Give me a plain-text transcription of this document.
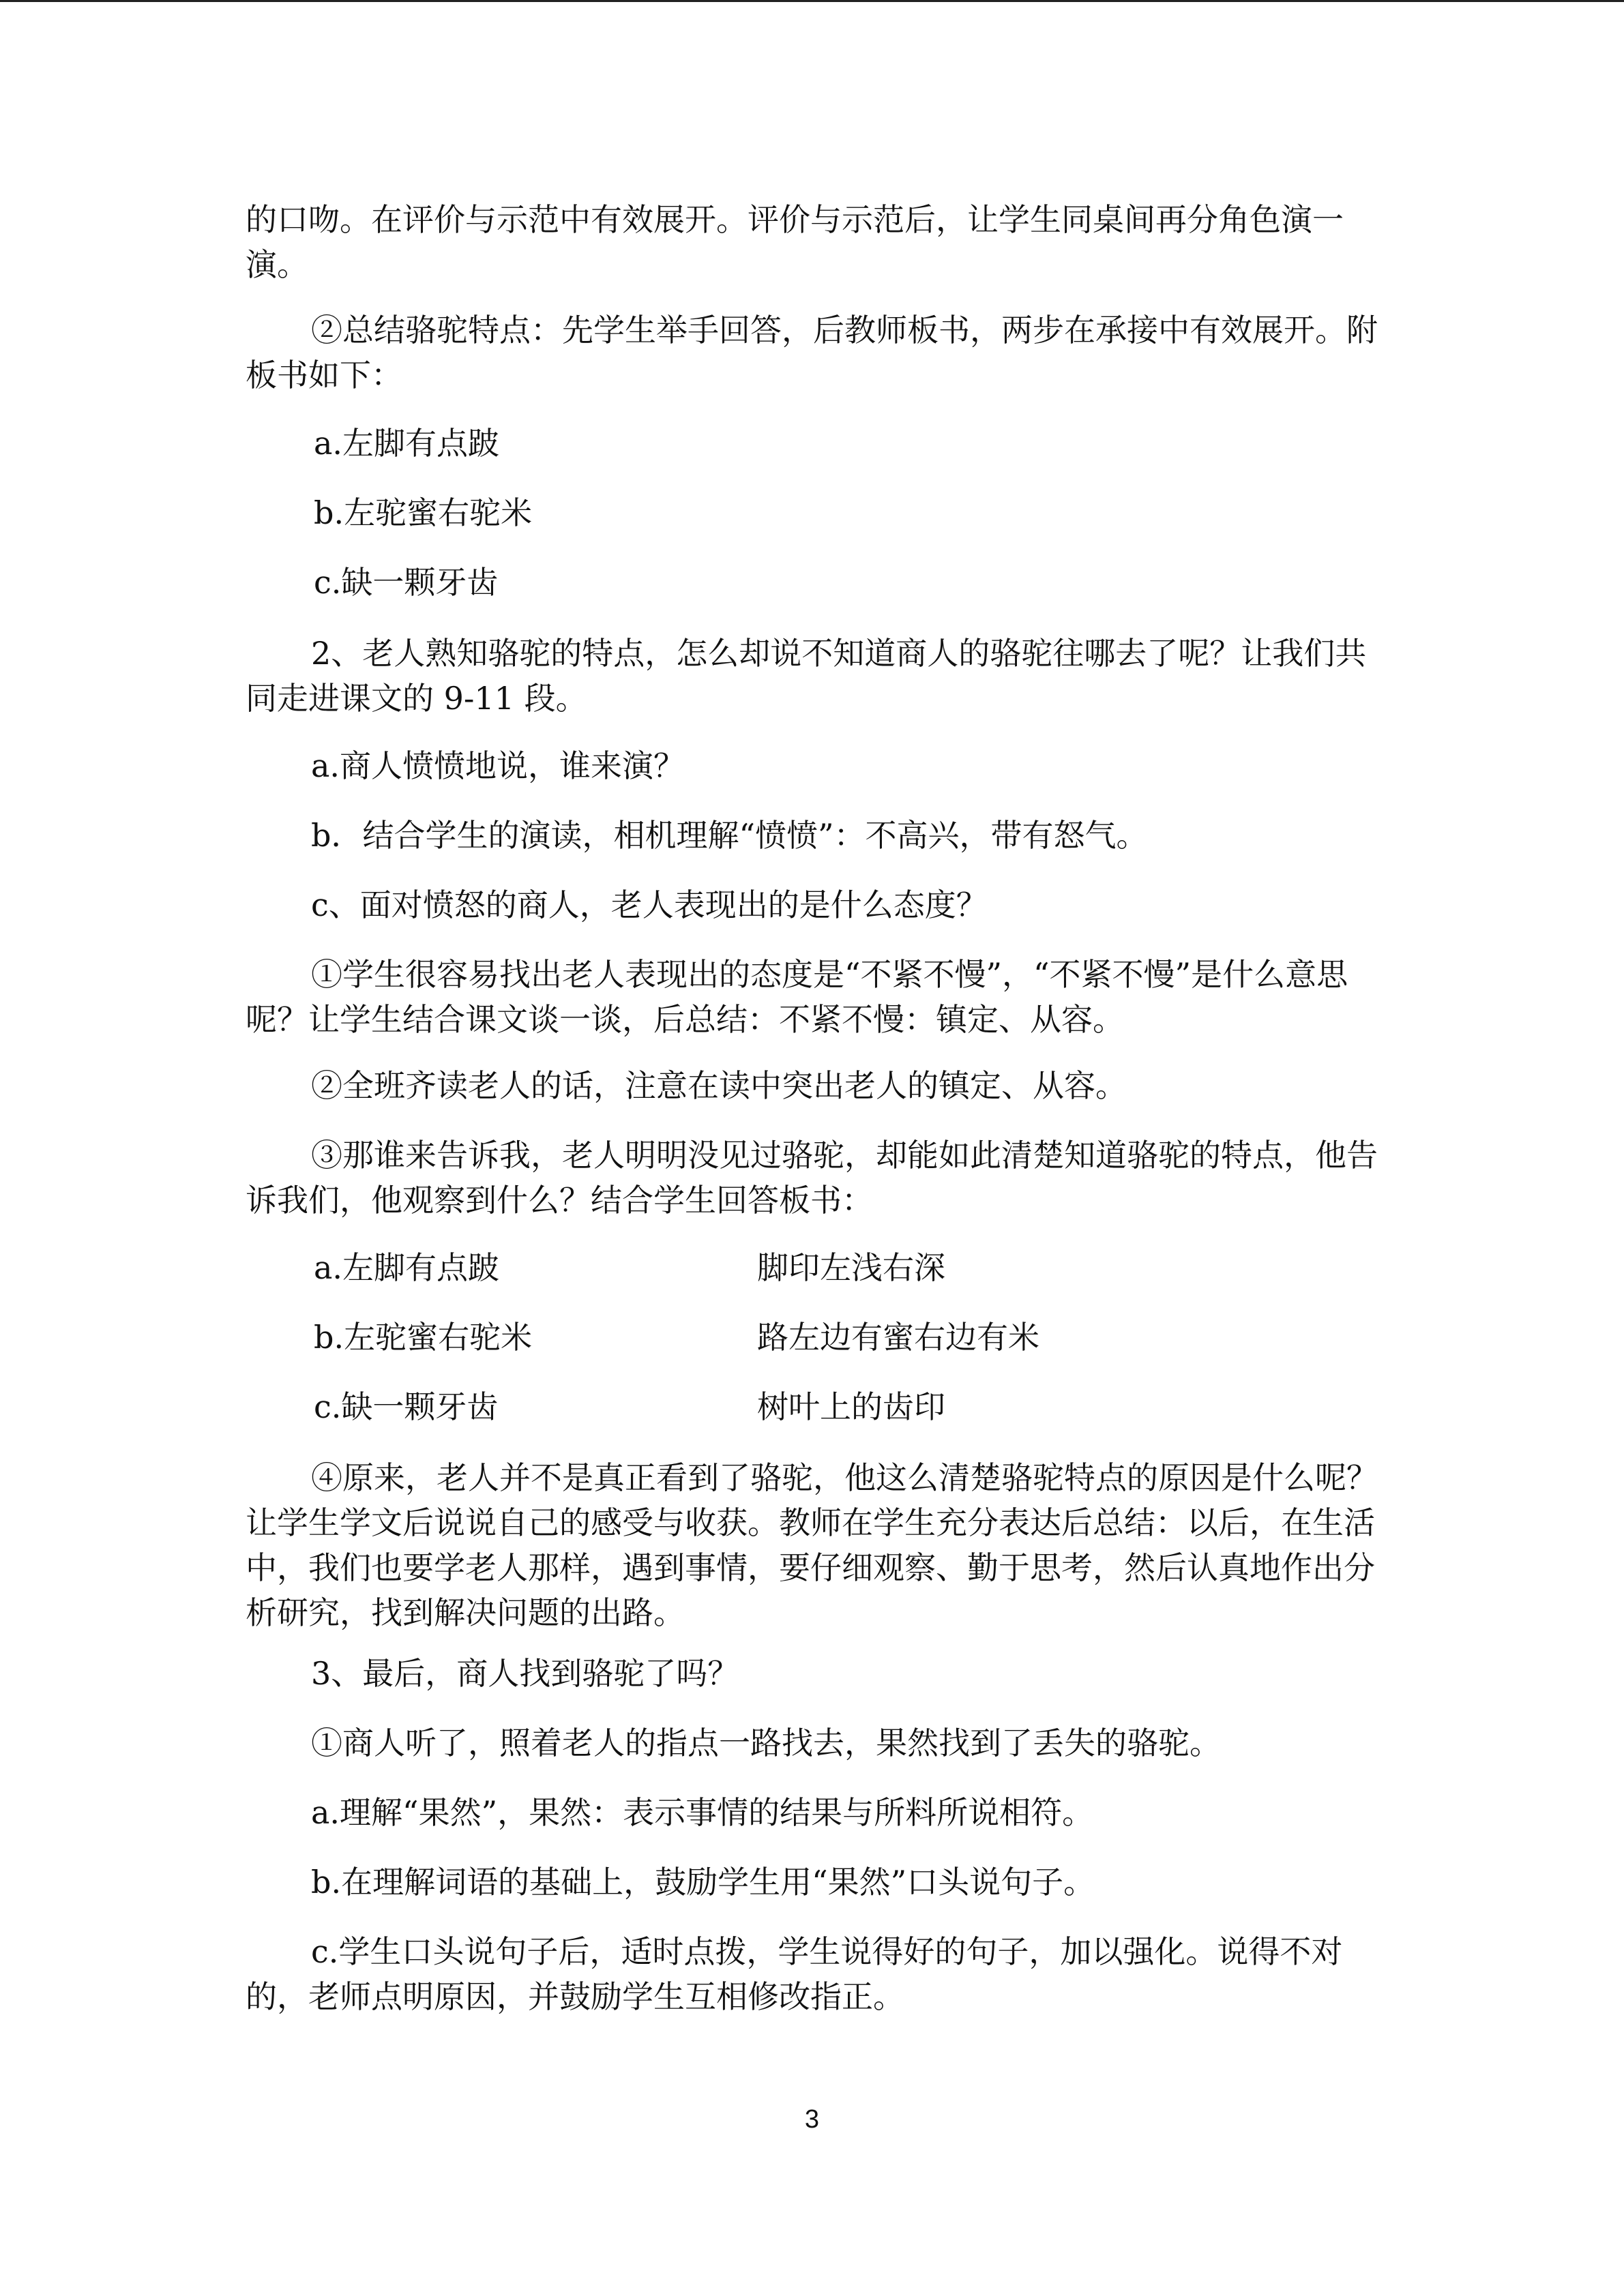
的口吻。在评价与示范中有效展开。评价与示范后，让学生同桌间再分角色演一演。

②总结骆驼特点：先学生举手回答，后教师板书，两步在承接中有效展开。附板书如下：

a.左脚有点跛

b.左驼蜜右驼米

c.缺一颗牙齿

2、老人熟知骆驼的特点，怎么却说不知道商人的骆驼往哪去了呢？让我们共同走进课文的 9-11 段。

a.商人愤愤地说，谁来演？

b．结合学生的演读，相机理解“愤愤”：不高兴，带有怒气。

c、面对愤怒的商人，老人表现出的是什么态度？

①学生很容易找出老人表现出的态度是“不紧不慢”，“不紧不慢”是什么意思呢？让学生结合课文谈一谈，后总结：不紧不慢：镇定、从容。

②全班齐读老人的话，注意在读中突出老人的镇定、从容。

③那谁来告诉我，老人明明没见过骆驼，却能如此清楚知道骆驼的特点，他告诉我们，他观察到什么？结合学生回答板书：

a.左脚有点跛	脚印左浅右深

b.左驼蜜右驼米	路左边有蜜右边有米

c.缺一颗牙齿	树叶上的齿印

④原来，老人并不是真正看到了骆驼，他这么清楚骆驼特点的原因是什么呢？让学生学文后说说自己的感受与收获。教师在学生充分表达后总结：以后，在生活中，我们也要学老人那样，遇到事情，要仔细观察、勤于思考，然后认真地作出分析研究，找到解决问题的出路。

3、最后，商人找到骆驼了吗？

①商人听了，照着老人的指点一路找去，果然找到了丢失的骆驼。

a.理解“果然”，果然：表示事情的结果与所料所说相符。

b.在理解词语的基础上，鼓励学生用“果然”口头说句子。

c.学生口头说句子后，适时点拨，学生说得好的句子，加以强化。说得不对的，老师点明原因，并鼓励学生互相修改指正。

3
